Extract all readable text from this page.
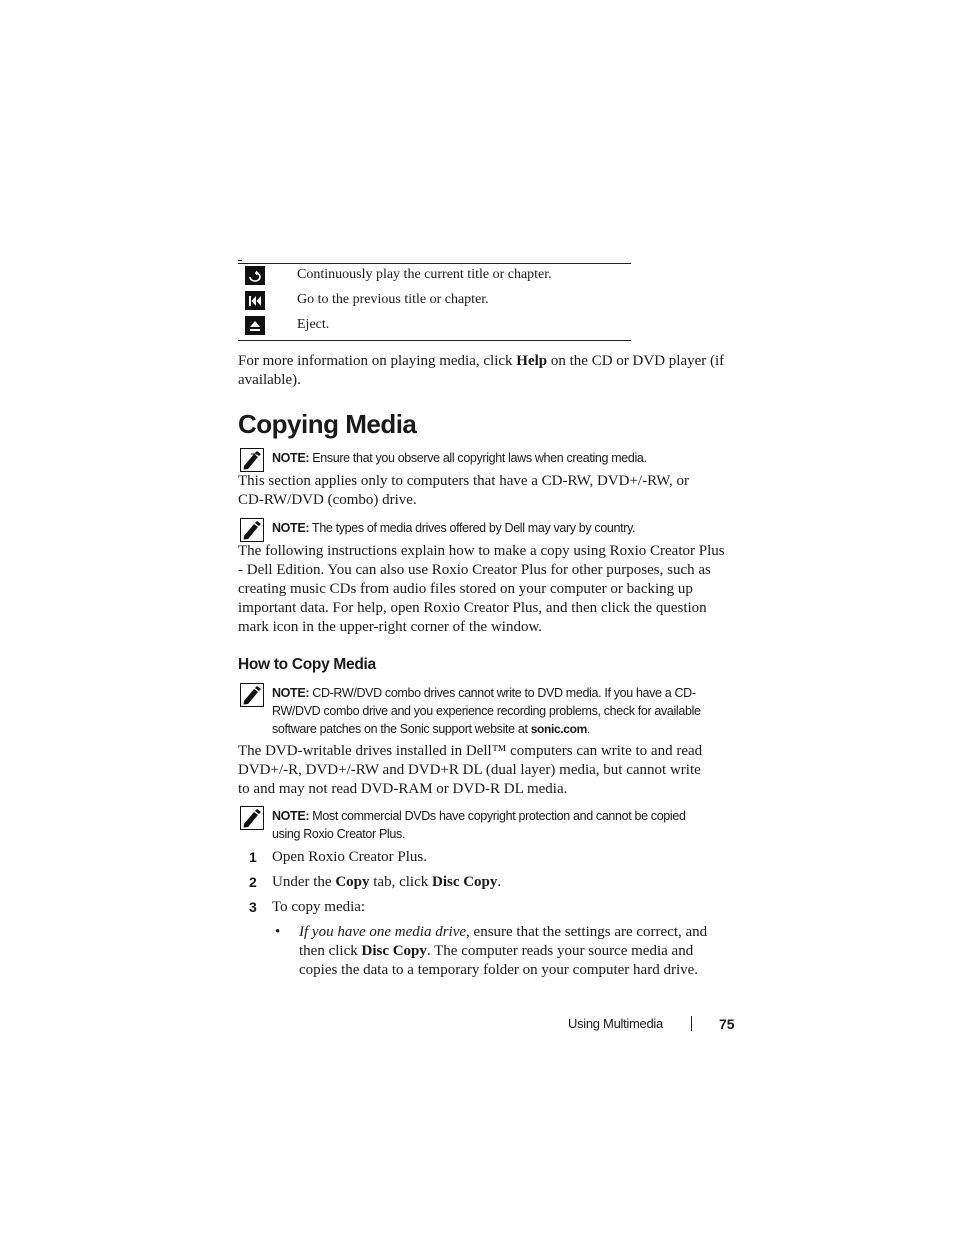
Continuously play the current title or chapter.
Go to the previous title or chapter.
Eject.
For more information on playing media, click Help on the CD or DVD player (if
available).
Copying Media
NOTE: Ensure that you observe all copyright laws when creating media.
This section applies only to computers that have a CD-RW, DVD+/-RW, or
CD-RW/DVD (combo) drive.
NOTE: The types of media drives offered by Dell may vary by country.
The following instructions explain how to make a copy using Roxio Creator Plus
- Dell Edition. You can also use Roxio Creator Plus for other purposes, such as
creating music CDs from audio files stored on your computer or backing up
important data. For help, open Roxio Creator Plus, and then click the question
mark icon in the upper-right corner of the window.
How to Copy Media
NOTE: CD-RW/DVD combo drives cannot write to DVD media. If you have a CD-
RW/DVD combo drive and you experience recording problems, check for available
software patches on the Sonic support website at sonic.com.
The DVD-writable drives installed in Dell™ computers can write to and read
DVD+/-R, DVD+/-RW and DVD+R DL (dual layer) media, but cannot write
to and may not read DVD-RAM or DVD-R DL media.
NOTE: Most commercial DVDs have copyright protection and cannot be copied
using Roxio Creator Plus.
1 Open Roxio Creator Plus.
2 Under the Copy tab, click Disc Copy.
3 To copy media:
• If you have one media drive, ensure that the settings are correct, and
then click Disc Copy. The computer reads your source media and
copies the data to a temporary folder on your computer hard drive.
Using Multimedia	75
